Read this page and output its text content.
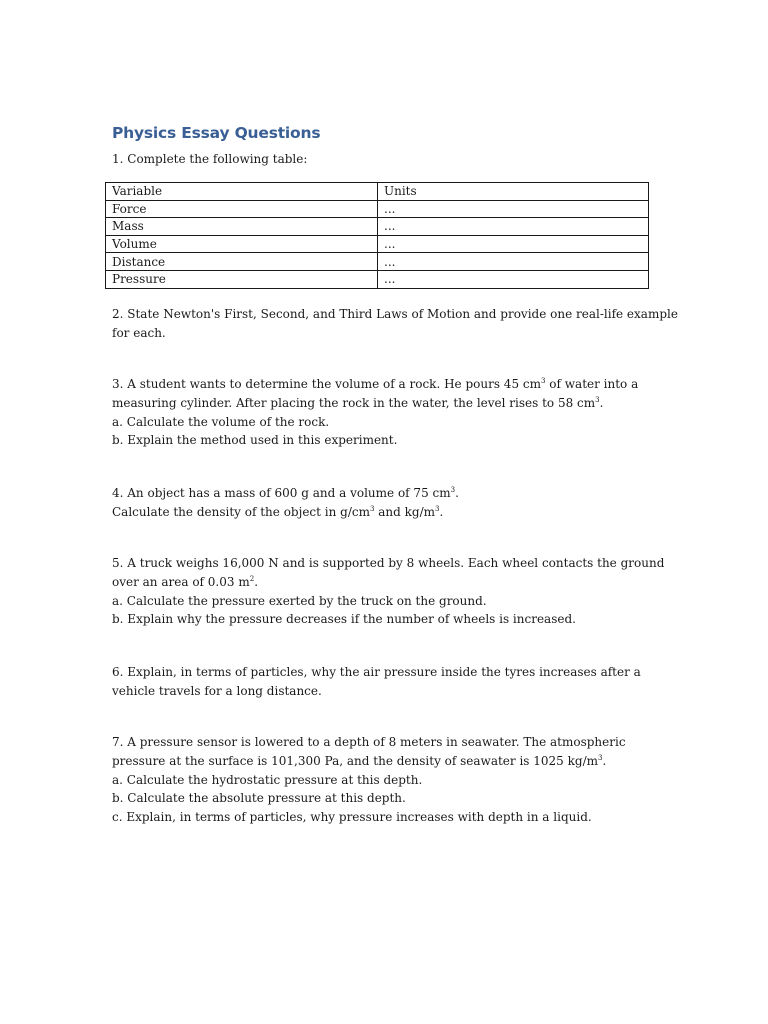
Physics Essay Questions
1. Complete the following table:
Variable	Units
Force	...
Mass	...
Volume	...
Distance	...
Pressure	...

2. State Newton's First, Second, and Third Laws of Motion and provide one real-life example

for each.

3. A student wants to determine the volume of a rock. He pours 45 $cm^3$ of water into a

measuring cylinder. After placing the rock in the water, the level rises to 58 $cm^3$.

a. Calculate the volume of the rock.

b. Explain the method used in this experiment.

4. An object has a mass of 600 g and a volume of 75 $cm^3$.

Calculate the density of the object in $g/cm^3$ and $kg/m^3$.

5. A truck weighs 16,000 N and is supported by 8 wheels. Each wheel contacts the ground

over an area of 0.03 $m^2$.

a. Calculate the pressure exerted by the truck on the ground.

b. Explain why the pressure decreases if the number of wheels is increased.

6. Explain, in terms of particles, why the air pressure inside the tyres increases after a

vehicle travels for a long distance.

7. A pressure sensor is lowered to a depth of 8 meters in seawater. The atmospheric

pressure at the surface is 101,300 Pa, and the density of seawater is 1025 $kg/m^3$.

a. Calculate the hydrostatic pressure at this depth.

b. Calculate the absolute pressure at this depth.

c. Explain, in terms of particles, why pressure increases with depth in a liquid.
